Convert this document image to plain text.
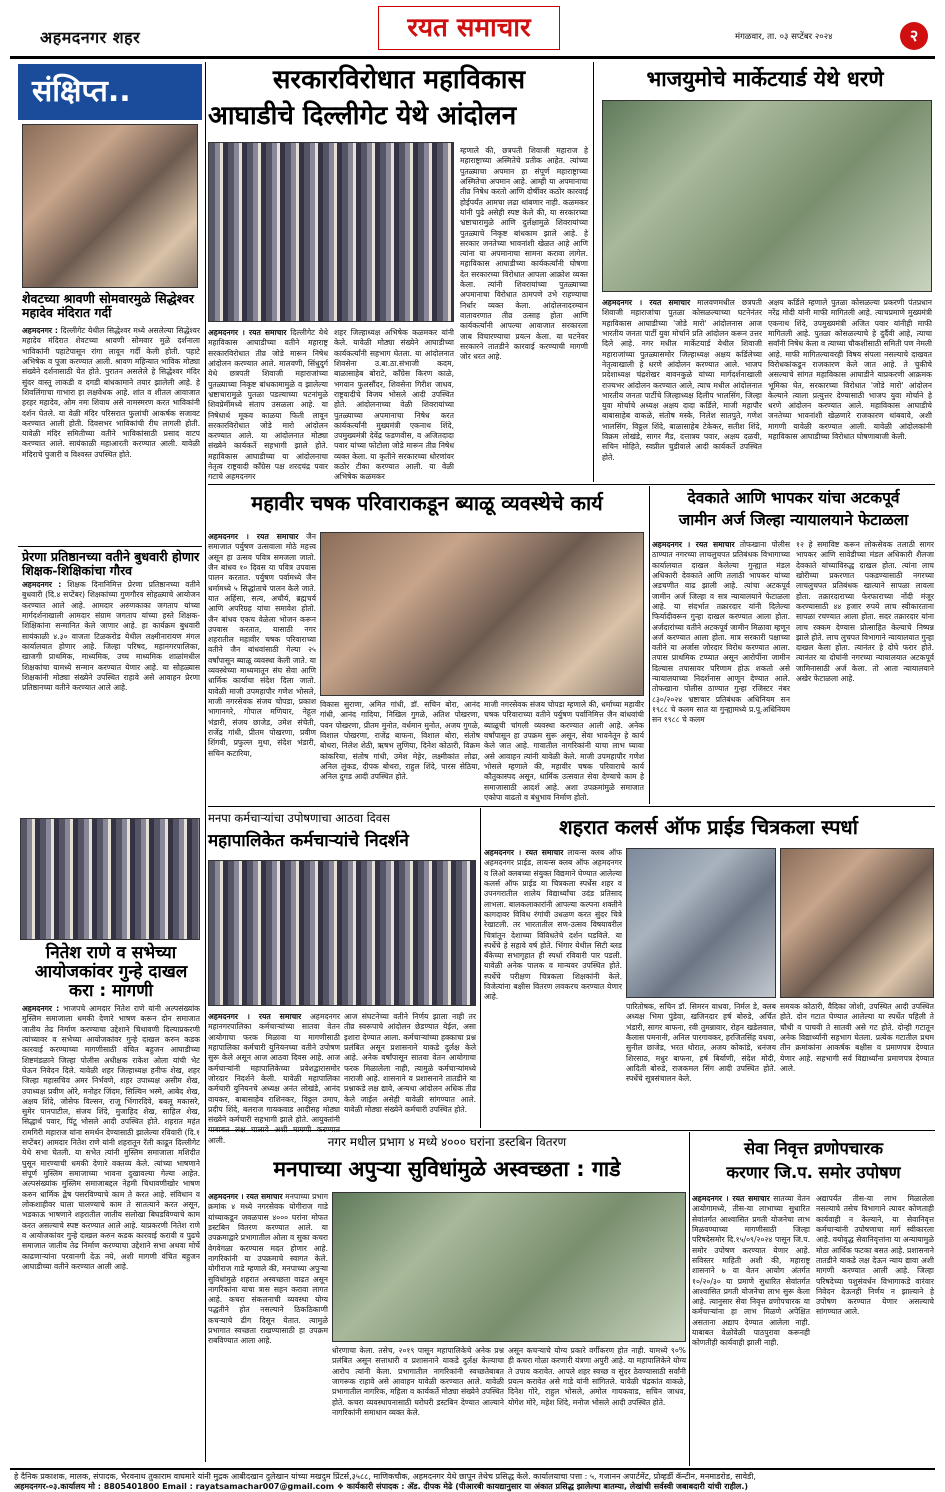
अहमदनगर शहर	रयत समाचार	मंगळवार, ता. ०३ सप्टेंबर २०२४	२
संक्षिप्त..
शेवटच्या श्रावणी सोमवारमुळे सिद्धेश्वर महादेव मंदिरात गर्दी
अहमदनगर : दिल्लीगेट येथील सिद्धेश्वर मध्ये असलेल्या सिद्धेश्वर महादेव मंदिरात शेवटच्या श्रावणी सोमवार मुळे दर्शनाला भाविकांनी पहाटेपासून रांगा लावून गर्दी केली होती. पहाटे अभिषेक व पूजा करण्यात आली. श्रावण महिन्यात भाविक मोठ्या संख्येने दर्शनासाठी येत होते. पुरातन असलेले हे सिद्धेश्वर मंदिर सुंदर वास्तू लाकडी व दगडी बांधकामाने तयार झालेली आहे. हे शिवलिंगाचा गाभारा हा लक्षवेधक आहे. शांत व शीतल आवाजात हरहर महादेव, ओम नमः शिवाय असे नामस्मरण करत भाविकांनी दर्शन घेतले. या वेळी मंदिर परिसरात फुलांची आकर्षक सजावट करण्यात आली होती. दिवसभर भाविकांची रीघ लागली होती. यावेळी मंदिर समितीच्या वतीने भाविकांसाठी प्रसाद वाटप करण्यात आले. सायंकाळी महाआरती करण्यात आली. यावेळी मंदिराचे पुजारी व विश्वस्त उपस्थित होते.
प्रेरणा प्रतिष्ठानच्या वतीने बुधवारी होणार शिक्षक-शिक्षिकांचा गौरव
अहमदनगर : शिक्षक दिनानिमित्त प्रेरणा प्रतिष्ठानच्या वतीने बुधवारी (दि.४ सप्टेंबर) शिक्षकांच्या गुणगौरव सोहळ्याचे आयोजन करण्यात आले आहे. आमदार अरुणकाका जगताप यांच्या मार्गदर्शनाखाली आमदार संग्राम जगताप यांच्या हस्ते शिक्षक-शिक्षिकांना सन्मानित केले जाणार आहे. हा कार्यक्रम बुधवारी सायंकाळी ४.३० वाजता टिळकरोड येथील लक्ष्मीनारायण मंगल कार्यालयात होणार आहे. जिल्हा परिषद, महानगरपालिका, खाजगी प्राथमिक, माध्यमिक, उच्च माध्यमिक शाळांमधील शिक्षकांचा यामध्ये सन्मान करण्यात येणार आहे. या सोहळ्यास शिक्षकांनी मोठ्या संख्येने उपस्थित राहावे असे आवाहन प्रेरणा प्रतिष्ठानच्या वतीने करण्यात आले आहे.
नितेश राणे व सभेच्या आयोजकांवर गुन्हे दाखल करा : मागणी
अहमदनगर : भाजपचे आमदार नितेश राणे यांनी अल्पसंख्यांक मुस्लिम समाजाला धमकी देणारे भाषण करून दोन समाजात जातीय तेढ निर्माण करण्याचा उद्देशाने चिथावणी दिल्याप्रकरणी त्यांच्यावर व सभेच्या आयोजकांवर गुन्हे दाखल करुन कडक कारवाई करण्याच्या मागणीसाठी वंचित बहुजन आघाडीच्या शिष्टमंडळाने जिल्हा पोलीस अधीक्षक राकेश ओला यांची भेट घेऊन निवेदन दिले. यावेळी शहर जिल्हाध्यक्ष हनीफ शेख, शहर जिल्हा महासचिव अमर निर्भवणे, शहर उपाध्यक्ष असीम शेख, उपाध्यक्ष प्रवीण ओरे, मनोहर जिंदम, सिल्विन भस्मे, आबेद शेख, अक्षय शिंदे, जोसेफ विल्सन, राजू भिंगारदिवे, बबलू मकासरे, सुमेर पानपाटील, संजय शिंदे, मुजाहिद शेख, साहिल शेख, सिद्धार्थ पवार, पिंटू भोसले आदी उपस्थित होते. शहरात महंत रामगिरी महाराज यांना समर्थन देण्यासाठी झालेल्या रविवारी (दि.१ सप्टेंबर) आमदार नितेश राणे यांनी शहरातून रॅली काढून दिल्लीगेट येथे सभा घेतली. या सभेत त्यांनी मुस्लिम समाजाला मशिदीत घुसून मारण्याची धमकी देणारे वक्तव्य केले. त्यांच्या भाषणाने संपूर्ण मुस्लिम समाजाच्या भावना दुखावल्या गेल्या आहेत. अल्पसंख्यांक मुस्लिम समाजाबद्दल नेहमी चिथावणीखोर भाषण करुन धार्मिक द्वेष पसरविण्याचे काम ते करत आहे. संविधान व लोकशाहीवर घाला घालण्याचे काम ते सातत्याने करत असून, भडकाऊ भाषणाने शहरातील जातीय सलोखा बिघडविण्याचे काम करत असल्याचे स्पष्ट करण्यात आले आहे. याप्रकरणी नितेश राणे व आयोजकांवर गुन्हे दाखल करुन कडक कारवाई करावी व पुढचे समाजात जातीय तेढ निर्माण करण्याचा उद्देशाने सभा अथवा मोर्चे काढणाऱ्यांना परवानगी देऊ नये, अशी मागणी वंचित बहुजन आघाडीच्या वतीने करण्यात आली आहे.
सरकारविरोधात महाविकास
आघाडीचे दिल्लीगेट येथे आंदोलन
म्हणाले की, छत्रपती शिवाजी महाराज हे महाराष्ट्राच्या अस्मितेचे प्रतीक आहेत. त्यांच्या पुतळ्याचा अपमान हा संपूर्ण महाराष्ट्राच्या अस्मितेचा अपमान आहे. आम्ही या अपमानाचा तीव्र निषेध करतो आणि दोषींवर कठोर कारवाई होईपर्यंत आमचा लढा थांबणार नाही. कळमकर यांनी पुढे असेही स्पष्ट केले की, या सरकारच्या भ्रष्टाचारामुळे आणि दुर्लक्षामुळे शिवरायांच्या पुतळ्याचे निकृष्ट बांधकाम झाले आहे. हे सरकार जनतेच्या भावनांशी खेळत आहे आणि त्यांना या अपमानाचा सामना करावा लागेल. महाविकास आघाडीच्या कार्यकर्त्यांनी घोषणा देत सरकारच्या विरोधात आपला आक्रोश व्यक्त केला. त्यांनी शिवरायांच्या पुतळ्याच्या अपमानाचा विरोधात ठामपणे उभे राहण्याचा निर्धार व्यक्त केला. आंदोलनादरम्यान वातावरणात तीव्र उत्साह होता आणि कार्यकर्त्यांनी आपल्या आवाजात सरकारला जाब विचारण्याचा प्रयत्न केला. या घटनेवर सरकारने तातडीने कारवाई करण्याची मागणी जोर धरत आहे.
अहमदनगर । रयत समाचार दिल्लीगेट येथे महाविकास आघाडीच्या वतीने महाराष्ट्र सरकारविरोधात तीव्र जोडे मारून निषेध आंदोलन करण्यात आले. मालवणी, सिंधुदुर्ग येथे छत्रपती शिवाजी महाराजांच्या पुतळ्याच्या निकृष्ट बांधकामामुळे व झालेल्या भ्रष्टाचारामुळे पुतळा पडल्याच्या घटनांमुळे शिवप्रेमींमध्ये संताप उसळला आहे. या निषेधार्थ मूकव काळया फिती लावून सरकारविरोधात जोडे मारो आंदोलन करण्यात आले. या आंदोलनात मोठ्या संख्येने कार्यकर्ते सहभागी झाले होते. महाविकास आघाडीच्या या आंदोलनाचा नेतृत्व राष्ट्रवादी काँग्रेस पक्ष शरदचंद्र पवार गटाचे अहमदनगर
शहर जिल्हाध्यक्ष अभिषेक कळमकर यांनी केले. यावेळी मोठ्या संख्येने आघाडीच्या कार्यकर्त्यांनी सहभाग घेतला. या आंदोलनात शिवसेना उ.बा.ठा.संभाजी कदम, बाळासाहेब बोराटे, काँग्रेस किरण काळे, भगवान फुलसौंदर, शिवसेना गिरीश जाधव, राष्ट्रवादीचे विजय भोसले आदी उपस्थित होते. आंदोलनाच्या वेळी शिवरायांच्या पुतळ्याच्या अपमानाचा निषेध करत कार्यकर्त्यांनी मुख्यमंत्री एकनाथ शिंदे, उपमुख्यमंत्री देवेंद्र फडणवीस, व अजितदादा पवार यांच्या फोटोला जोडे मारून तीव्र निषेध व्यक्त केला. या कृतीने सरकारच्या धोरणांवर कठोर टीका करण्यात आली. या वेळी अभिषेक कळमकर
भाजयुमोचे मार्केटयार्ड येथे धरणे
अहमदनगर । रयत समाचार मालवणमधील छत्रपती शिवाजी महाराजांचा पुतळा कोसळल्याच्या घटनेनंतर महाविकास आघाडीच्या 'जोडे मारो' आंदोलनास आज भारतीय जनता पार्टी युवा मोर्चाने प्रति आंदोलन करून उत्तर दिले आहे. नगर मधील मार्केटयार्ड येथील शिवाजी महाराजांच्या पुतळ्यासमोर जिल्हाध्यक्ष अक्षय कर्डिलेच्या नेतृत्वाखाली हे धरणे आंदोलन करण्यात आले. भाजप प्रदेशाध्यक्ष चंद्रशेखर बावनकुळे यांच्या मार्गदर्शनाखाली राज्यभर आंदोलन करण्यात आले, त्याच मधील आंदोलनात भारतीय जनता पार्टीचे जिल्हाध्यक्ष दिलीप भालसिंग, जिल्हा युवा मोर्चाचे अध्यक्ष अक्षय दादा कर्डिले, माजी महापौर बाबासाहेब वाकळे, संतोष मस्के, निलेश सातपुते, गणेश भालसिंग, विठ्ठल शिंदे, बाळासाहेब टेकेकर, सतीश शिंदे, विक्रम लोखंडे, सागर मैड, दत्तात्रय पवार, अक्षय दळवी, सचिन मोहिते, स्वप्नील चुडीवाले आदी कार्यकर्ते उपस्थित होते.
अक्षय कर्डिले म्हणाले पुतळा कोसळल्या प्रकरणी पंतप्रधान नरेंद्र मोदी यांनी माफी मागितली आहे. त्याचप्रमाणे मुख्यमंत्री एकनाथ शिंदे, उपमुख्यमंत्री अजित पवार यांनीही माफी मागितली आहे. पुतळा कोसळल्याचे हे दुर्दैवी आहे, त्याचा सर्वांनी निषेध केला व त्याच्या चौकशीसाठी समिती पण नेमली आहे. माफी मागितल्यावरही विषय संपला नसल्याचे दाखवत विरोधकांकडून राजकारण केले जात आहे. ते चुकीचे असल्याचे सांगत महाविकास आघाडीने याप्रकरणी आक्रमक भूमिका घेत, सरकारच्या विरोधात 'जोडे मारो' आंदोलन केल्याने त्याला प्रत्युत्तर देण्यासाठी भाजप युवा मोर्चाने हे धरणे आंदोलन करण्यात आले. महाविकास आघाडीचे जनतेच्या भावनांशी खेळणारे राजकारण थांबवावे, अशी मागणी यावेळी करण्यात आली. यावेळी आंदोलकांनी महाविकास आघाडीच्या विरोधात घोषणाबाजी केली.
महावीर चषक परिवाराकडून ब्याळू व्यवस्थेचे कार्य
अहमदनगर । रयत समाचार जैन समाजात पर्युषण उत्सवाला मोठे महत्त्व असून हा उत्सव पवित्र समजला जातो. जैन बांधव १० दिवस या पवित्र उपवास पालन करतात. पर्युषण पर्वामध्ये जैन धर्मामध्ये ५ सिद्धांताचे पालन केले जाते. यात अहिंसा, सत्य, अचौर्य, ब्रह्मचर्य आणि अपरिग्रह यांचा समावेश होतो. जैन बांधव एकच वेळेला भोजन करून उपवास करतात, यासाठी नगर शहरातील महावीर चषक परिवाराच्या वतीने जैन बांधवांसाठी गेल्या २५ वर्षांपासून ब्याळू व्यवस्था केली जाते. या व्यवस्थेच्या माध्यमातून संघ सेवा आणि धार्मिक कार्याचा संदेश दिला जातो. यावेळी माजी उपमहापौर गणेश भोसले, माजी नगरसेवक संजय चोपडा, प्रकाश भागानगरे, गोपाल मणियार, नेहूल भंडारी, संजय छाजेड, उमेश संचेती, राजेंद्र गांधी, प्रीतम पोखरणा, प्रवीण शिंगवी, प्रफुल्ल मुथा, संदेश भंडारी, सचिन कटारिया,
विकास सुराणा, अमित गांधी, डॉ. सचिन बोरा, आनंद गांधी, आनंद गादिया, निखिल गुगळे, अतिश पोखरणा, पवन पोखरणा, प्रीतम मुनोत, वर्धमान मुनोत, अजय गुगळे, विशाल पोखरणा, राजेंद्र बाफना, विशाल बोरा, संतोष बोथरा, निलेश शेठी, ऋषभ लुणिया, दिनेश कोठारी, विक्रम कांकरिया, संतोष गांधी, उमेश मेहेर, लक्ष्मीकांत लोढा, अनिल लुंकड, दीपक बोथरा, राहुल शिंदे, पारस सेठिया, अनिल दुगड आदी उपस्थित होते.
माजी नगरसेवक संजय चोपडा म्हणाले की, धर्माच्या महावीर चषक परिवाराच्या वतीने पर्युषण पर्वानिमित्त जैन बांधवांची ब्याळूची चांगली व्यवस्था करण्यात आली आहे. अनेक वर्षांपासून हा उपक्रम सुरू असून, सेवा भावनेतून हे कार्य केले जात आहे. गावातील नागरिकांनी याचा लाभ घ्यावा असे आवाहन त्यांनी यावेळी केले. माजी उपमहापौर गणेश भोसले म्हणाले की, महावीर चषक परिवाराचे कार्य कौतुकास्पद असून, धार्मिक उत्सवात सेवा देण्याचे काम हे समाजासाठी आदर्श आहे. अशा उपक्रमांमुळे समाजात एकोपा वाढतो व बंधुभाव निर्माण होतो.
देवकाते आणि भापकर यांचा अटकपूर्व
जामीन अर्ज जिल्हा न्यायालयाने फेटाळला
अहमदनगर । रयत समाचार तोफखाना पोलीस ठाण्यात नगरच्या लाचलुचपत प्रतिबंधक विभागाच्या कार्यालयात दाखल केलेल्या गुन्ह्यात मंडल अधिकारी देवकाते आणि तलाठी भापकर यांच्या अडचणीत वाढ झाली आहे. त्यांचा अटकपूर्व जामीन अर्ज जिल्हा व सत्र न्यायालयाने फेटाळला आहे. या संदर्भात तक्रारदार यांनी दिलेल्या फिर्यादीवरून गुन्हा दाखल करण्यात आला होता. अर्जदारांच्या वतीने अटकपूर्व जामीन मिळावा म्हणून अर्ज करण्यात आला होता. मात्र सरकारी पक्षाच्या वतीने या अर्जास जोरदार विरोध करण्यात आला. तपास प्राथमिक टप्प्यात असून आरोपींना जामीन दिल्यास तपासावर परिणाम होऊ शकतो असे न्यायालयाच्या निदर्शनास आणून देण्यात आले. तोफखाना पोलीस ठाण्यात गुन्हा रजिस्टर नंबर ८३०/२०२४ भ्रष्टाचार प्रतिबंधक अधिनियम सन १९८८ चे कलम सात या गुन्ह्यामध्ये प्र.पू.अधिनियम सन १९८८ चे कलम
१२ हे समाविष्ट करून लोकसेवक तलाठी सागर भापकर आणि सावेडीच्या मंडल अधिकारी शैलजा देवकाते यांच्याविरुद्ध दाखल होता. त्यांना लाच खोरीच्या प्रकरणात पकडण्यासाठी नगरच्या लाचलुचपत प्रतिबंधक खात्याने सापळा लावला होता. तक्रारदाराच्या फेरफाराच्या नोंदी मंजूर करण्यासाठी ४४ हजार रुपये लाच स्वीकारताना सापळा रचण्यात आला होता. सदर तक्रारदार यांना लाच रक्कम देण्यास प्रोत्साहित केल्याचे निष्पन्न झाले होते. लाच लुचपत विभागाने न्यायालयात गुन्हा दाखल केला होता. त्यानंतर हे दोघे फरार होते. त्यानंतर या दोघांनी नगरच्या न्यायालयात अटकपूर्व जामिनासाठी अर्ज केला. तो आता न्यायालयाने अखेर फेटाळला आहे.
मनपा कर्मचाऱ्यांचा उपोषणाचा आठवा दिवस
महापालिकेत कर्मचाऱ्यांचे निदर्शने
अहमदनगर । रयत समाचार अहमदनगर महानगरपालिका कर्मचाऱ्यांच्या सातवा वेतन आयोगाचा फरक मिळावा या मागणीसाठी महापालिका कर्मचारी युनियनच्या वतीने उपोषण सुरू केले असून आज आठवा दिवस आहे. आज कर्मचाऱ्यांनी महापालिकेच्या प्रवेशद्वारासमोर जोरदार निदर्शने केली. यावेळी महापालिका कर्मचारी युनियनचे अध्यक्ष अनंत लोखंडे, आनंद वायकर, बाबासाहेब राशिनकर, विठ्ठल उमाप, प्रदीप शिंदे, बलराज गायकवाड आदीसह मोठ्या संख्येने कर्मचारी सहभागी झाले होते. आयुक्तांनी याबाबत लक्ष घालावे अशी मागणी करण्यात आली.
आज संघटनेच्या वतीने निर्णय झाला नाही तर तीव्र स्वरूपाचे आंदोलन छेडण्यात येईल, असा इशारा देण्यात आला. कर्मचाऱ्यांच्या हक्काचा प्रश्न प्रलंबित असून प्रशासनाने याकडे दुर्लक्ष केले आहे. अनेक वर्षांपासून सातवा वेतन आयोगाचा फरक मिळालेला नाही, त्यामुळे कर्मचाऱ्यांमध्ये नाराजी आहे. शासनाने व प्रशासनाने तातडीने या प्रश्नाकडे लक्ष द्यावे, अन्यथा आंदोलन अधिक तीव्र केले जाईल असेही यावेळी सांगण्यात आले. यावेळी मोठ्या संख्येने कर्मचारी उपस्थित होते.
शहरात कलर्स ऑफ प्राईड चित्रकला स्पर्धा
अहमदनगर । रयत समाचार लायन्स क्लब ऑफ अहमदनगर प्राईड, लायन्स क्लब ऑफ अहमदनगर व लिओ क्लबच्या संयुक्त विद्यमाने घेण्यात आलेल्या कलर्स ऑफ प्राईड या चित्रकला स्पर्धेस शहर व उपनगरातील शालेय विद्यार्थ्यांचा उदंड प्रतिसाद लाभला. बालकलाकारांनी आपल्या कल्पना शक्तीने कागदावर विविध रंगांची उधळण करत सुंदर चित्रे रेखाटली. तर भारतातील सण-उत्सव विषयावरील चित्रांतून देशाच्या विविधतेचे दर्शन घडविले. या स्पर्धेचे हे सहावे वर्ष होते. भिंगार येथील सिटी ब्लड बँकेच्या सभागृहात ही स्पर्धा रविवारी पार पडली. यावेळी अनेक पालक व मान्यवर उपस्थित होते. स्पर्धेचे परीक्षण चित्रकला शिक्षकांनी केले. विजेत्यांना बक्षीस वितरण लवकरच करण्यात येणार आहे.
पारितोषक, सचिन डॉ. सिमरन वाधवा, निर्मल डे, क्लब अध्यक्ष भिमा पुंडेवा, खजिनदार हर्ष बोरुडे, अर्चित भंडारी, सागर बाफना, रवी तुमन्नावार, रोहन खडेलवाल, कैलास पमनानी, अनिल पारगावकर, हरजितसिंह वधवा, सुनील छाजेड, भरत थोरात, अजय कोकांडे, धनंजय शिरसाठ, मधुर बाफना, हर्ष बिर्याणी, संदेश मोदी, आदिती बोरुडे, राजकमल सिंग आदी उपस्थित होते. स्पर्धेचे सूत्रसंचालन केले.
समयक कोठारी, वैदिका जोशी, उपस्थित आदी उपस्थित होते. दोन गटात घेण्यात आलेल्या या स्पर्धेत पहिली ते चौथी व पाचवी ते सातवी असे गट होते. दोन्ही गटातून अनेक विद्यार्थ्यांनी सहभाग घेतला. प्रत्येक गटातील प्रथम तीन क्रमांकांना आकर्षक बक्षीस व प्रमाणपत्र देण्यात येणार आहे. सहभागी सर्व विद्यार्थ्यांना प्रमाणपत्र देण्यात आले.
नगर मधील प्रभाग ४ मध्ये ४००० घरांना डस्टबिन वितरण
मनपाच्या अपुऱ्या सुविधांमुळे अस्वच्छता : गाडे
अहमदनगर । रयत समाचार मनपाच्या प्रभाग क्रमांक ४ मध्ये नगरसेवक योगीराज गाडे यांच्याकडून जवळपास ४००० घरांना मोफत डस्टबिन वितरण करण्यात आले. या उपक्रमाद्वारे प्रभागातील ओला व सुका कचरा वेगवेगळा करण्यास मदत होणार आहे. नागरिकांनी या उपक्रमाचे स्वागत केले. योगीराज गाडे म्हणाले की, मनपाच्या अपुऱ्या सुविधांमुळे शहरात अस्वच्छता वाढत असून नागरिकांना याचा त्रास सहन करावा लागत आहे. कचरा संकलनाची व्यवस्था योग्य पद्धतीने होत नसल्याने ठिकठिकाणी कचऱ्याचे ढीग दिसून येतात. त्यामुळे प्रभागात स्वच्छता राखण्यासाठी हा उपक्रम राबविण्यात आला आहे.
धोरणाचा केला. तसेच, २०१९ पासून महापालिकेचे अनेक प्रश्न प्रलंबित असून सत्ताधारी व प्रशासनाने याकडे दुर्लक्ष केल्याचा आरोप त्यांनी केला. प्रभागातील नागरिकांनी स्वच्छतेबाबत जागरूक राहावे असे आवाहन यावेळी करण्यात आले. यावेळी प्रभागातील नागरिक, महिला व कार्यकर्ते मोठ्या संख्येने उपस्थित होते. कचरा व्यवस्थापनासाठी घरोघरी डस्टबिन देण्यात आल्याने नागरिकांनी समाधान व्यक्त केले.
असून कचऱ्याचे योग्य प्रकारे वर्गीकरण होत नाही. यामध्ये ९०% ही कचरा गोळा करणारी यंत्रणा अपुरी आहे. या महापालिकेने योग्य ते उपाय करावेत. आपले शहर स्वच्छ व सुंदर ठेवण्यासाठी सर्वांनी प्रयत्न करावेत असे गाडे यांनी सांगितले. यावेळी चंद्रकांत वाकळे, दिनेश गोरे, राहुल भोसले, अमोल गायकवाड, सचिन जाधव, योगेश मोरे, महेश शिंदे, मनोज भोसले आदी उपस्थित होते.
सेवा निवृत्त व्रणोपचारक
करणार जि.प. समोर उपोषण
अहमदनगर । रयत समाचार सातव्या वेतन आयोगामध्ये, तीस-या लाभाच्या सुधारित सेवांतर्गत आश्वासित प्रगती योजनेचा लाभ मिळवण्याच्या मागणीसाठी जिल्हा परिषदेसमोर दि.१५/०९/२०२४ पासून जि.प. समोर उपोषण करण्यात येणार आहे. सविस्तर माहिती अशी की, महाराष्ट्र शासनाने ७ वा वेतन आयोग अंतर्गत १०/२०/३० या प्रमाणे सुधारित सेवांतर्गत आश्वासित प्रगती योजनेचा लाभ सुरू केला आहे. त्यानुसार सेवा निवृत्त व्रणोपचारक या कर्मचाऱ्यांना हा लाभ मिळणे अपेक्षित असताना अद्याप देण्यात आलेला नाही. याबाबत वेळोवेळी पाठपुरावा करूनही कोणतीही कार्यवाही झाली नाही.
अद्यापर्यंत तीस-या लाभ मिळालेला नसल्याचे तसेच विभागाने त्यावर कोणताही कार्यवाही न केल्याने, या सेवानिवृत्त कर्मचाऱ्यांनी उपोषणाचा मार्ग स्वीकारला आहे. वयोवृद्ध सेवानिवृत्तांना या अन्यायामुळे मोठा आर्थिक फटका बसत आहे. प्रशासनाने तातडीने याकडे लक्ष देऊन न्याय द्यावा अशी मागणी करण्यात आली आहे. जिल्हा परिषदेच्या पशुसंवर्धन विभागाकडे वारंवार निवेदन देऊनही निर्णय न झाल्याने हे उपोषण करण्यात येणार असल्याचे सांगण्यात आले.
हे दैनिक प्रकाशक, मालक, संपादक, भैरवनाथ तुकाराम वाघमारे यांनी मुद्रक आबीदखान दुलेखान यांच्या मखदुम प्रिंटर्स,३५८८, माणिकचौक, अहमदनगर येथे छापून तेथेच प्रसिद्ध केले. कार्यालयाचा पत्ता : ५, गजानन अपार्टमेंट, प्रोव्हर्डी कॅन्टीन, मनमाडरोड, सावेडी,
अहमदनगर-०३.कार्यालय मो : 8805401800 Email : rayatsamachar007@gmail.com ❖ कार्यकारी संपादक : ॲड. दीपक मेढे (पीआरबी कायद्यानुसार या अंकात प्रसिद्ध झालेल्या बातम्या, लेखांची सर्वस्वी जबाबदारी यांची राहील.)
